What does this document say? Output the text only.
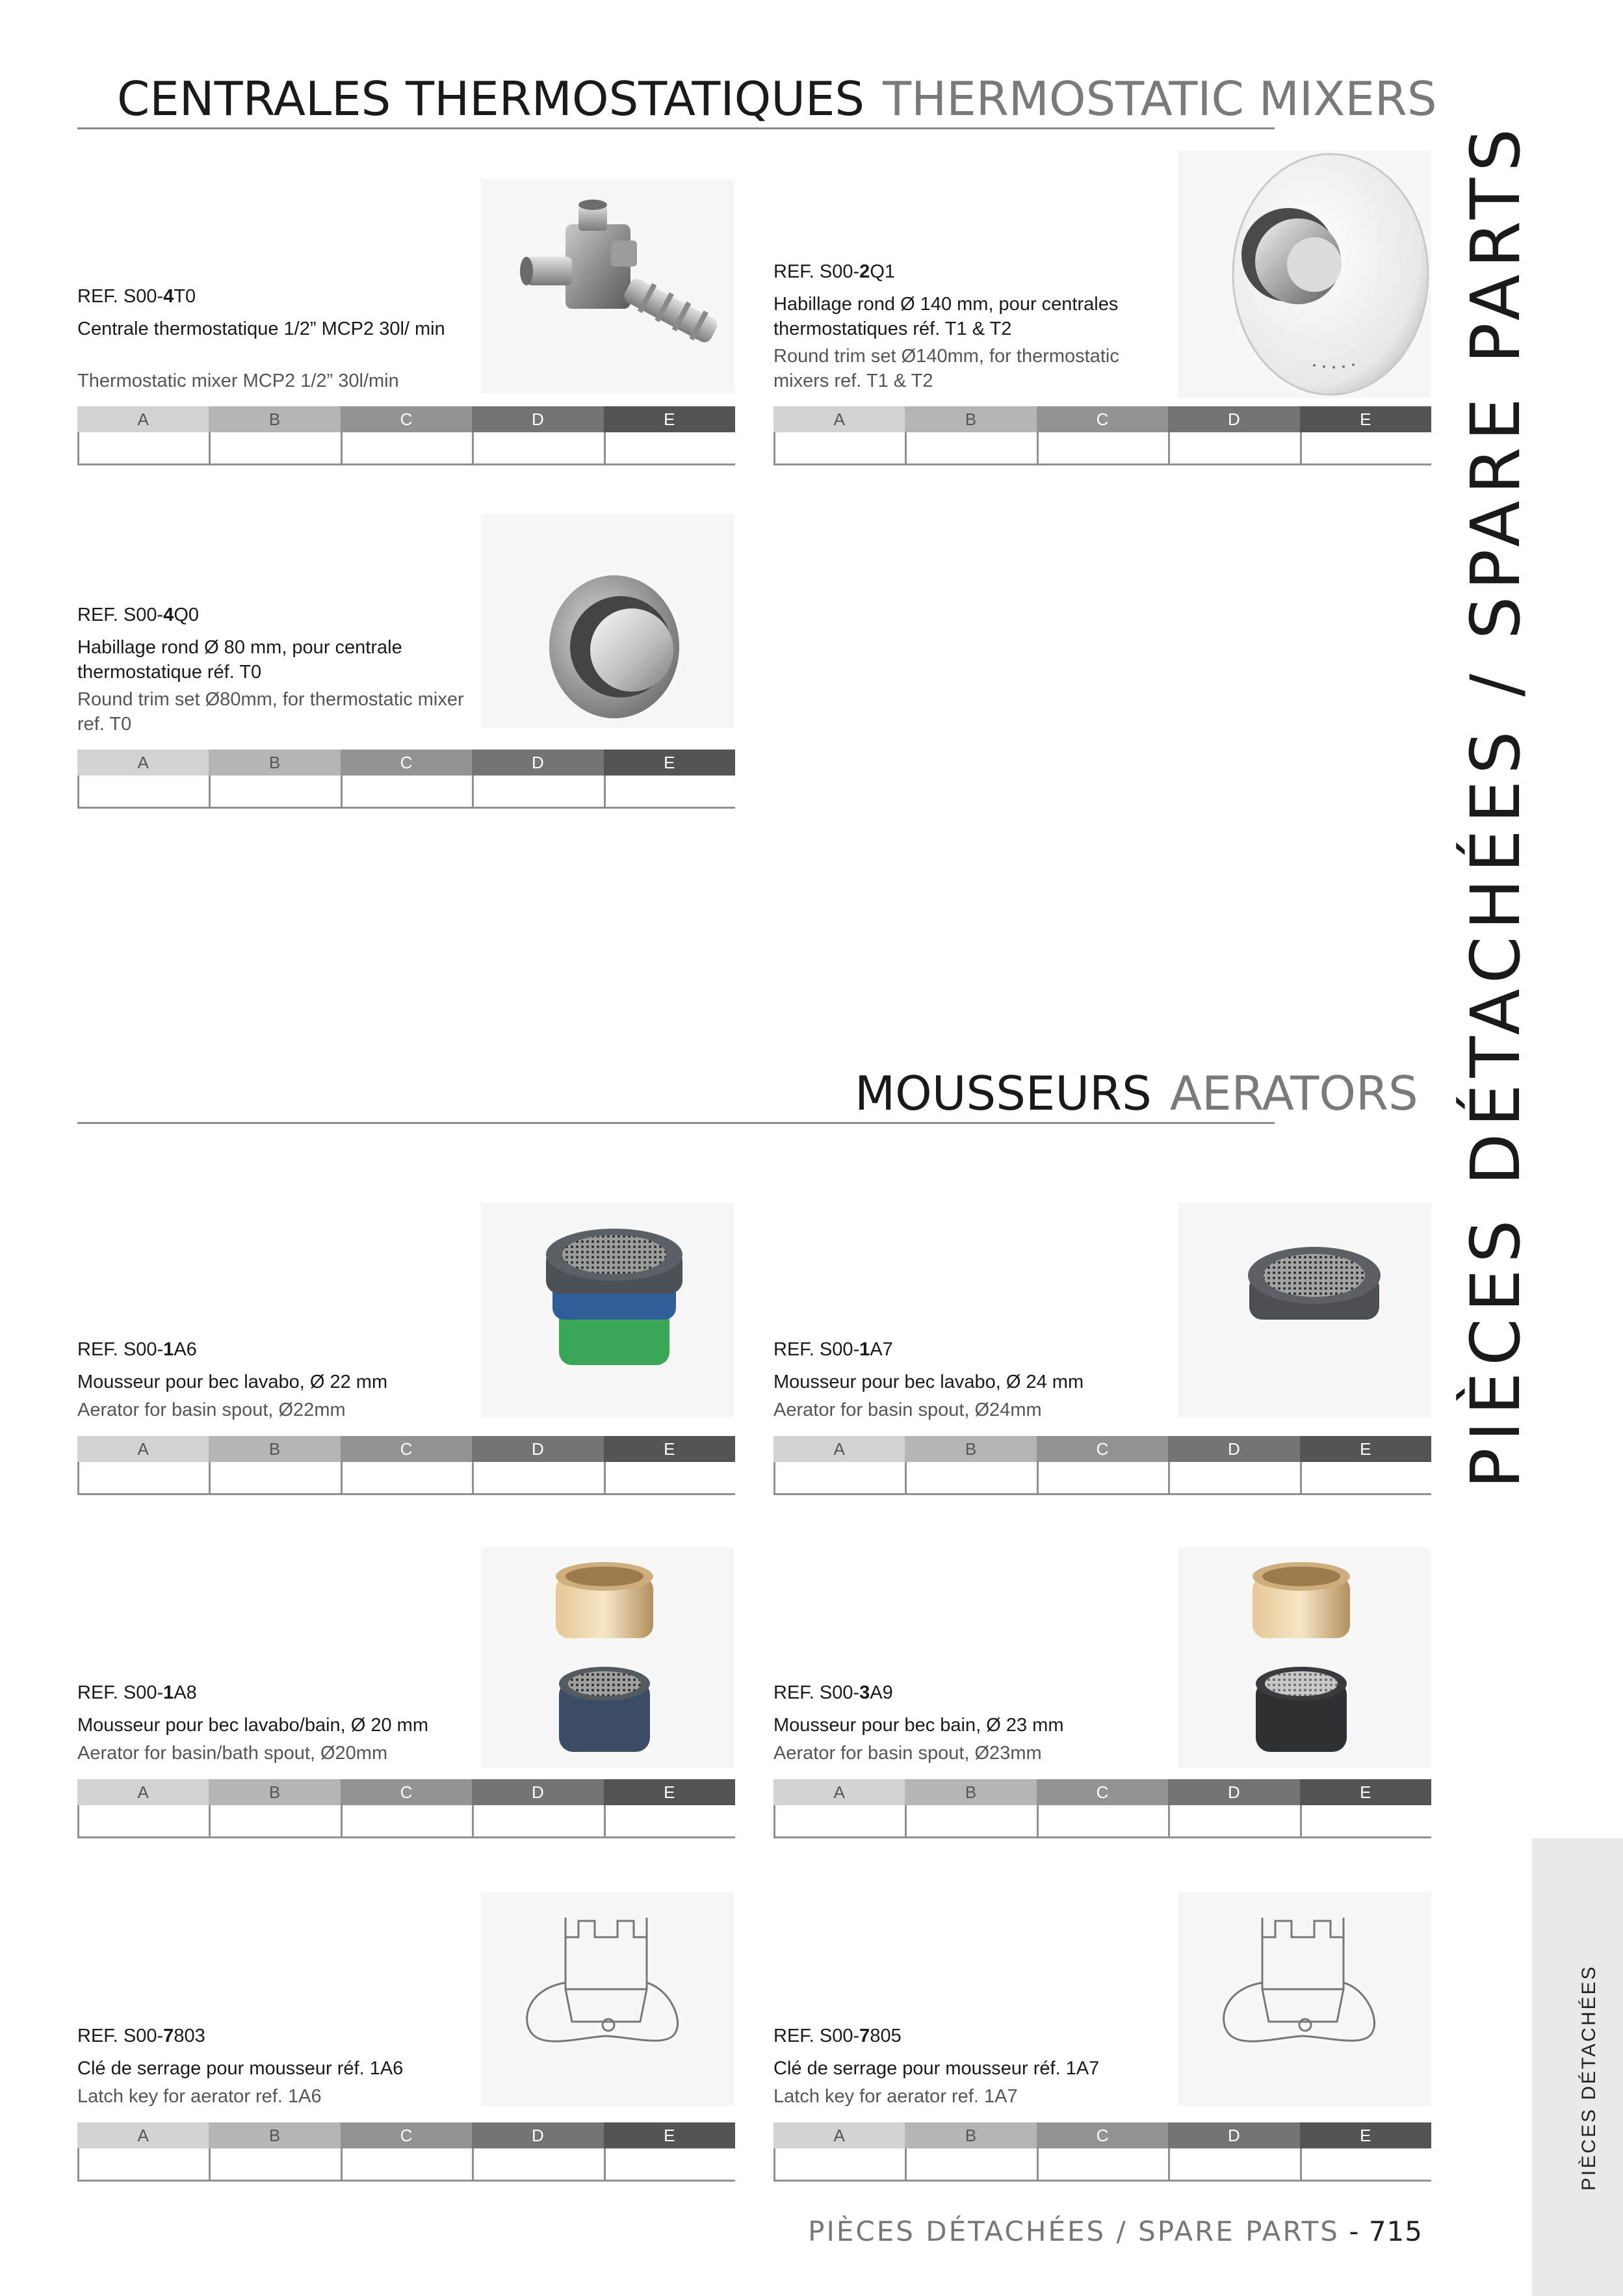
CENTRALES THERMOSTATIQUES THERMOSTATIC MIXERS
MOUSSEURS AERATORS
REF. S00-4T0
Centrale thermostatique 1/2” MCP2 30l/ min
Thermostatic mixer MCP2 1/2” 30l/min
A	B	C	D	E
REF. S00-2Q1
Habillage rond Ø 140 mm, pour centrales thermostatiques réf. T1 & T2
Round trim set Ø140mm, for thermostatic mixers ref. T1 & T2
A	B	C	D	E
REF. S00-4Q0
Habillage rond Ø 80 mm, pour centrale thermostatique réf. T0
Round trim set Ø80mm, for thermostatic mixer ref. T0
A	B	C	D	E
REF. S00-1A6
Mousseur pour bec lavabo, Ø 22 mm
Aerator for basin spout, Ø22mm
A	B	C	D	E
REF. S00-1A7
Mousseur pour bec lavabo, Ø 24 mm
Aerator for basin spout, Ø24mm
A	B	C	D	E
REF. S00-1A8
Mousseur pour bec lavabo/bain, Ø 20 mm
Aerator for basin/bath spout, Ø20mm
A	B	C	D	E
REF. S00-3A9
Mousseur pour bec bain, Ø 23 mm
Aerator for basin spout, Ø23mm
A	B	C	D	E
REF. S00-7803
Clé de serrage pour mousseur réf. 1A6
Latch key for aerator ref. 1A6
A	B	C	D	E
REF. S00-7805
Clé de serrage pour mousseur réf. 1A7
Latch key for aerator ref. 1A7
A	B	C	D	E
PIÈCES DÉTACHÉES / SPARE PARTS
PIÈCES DÉTACHÉES
PIÈCES DÉTACHÉES / SPARE PARTS - 715
